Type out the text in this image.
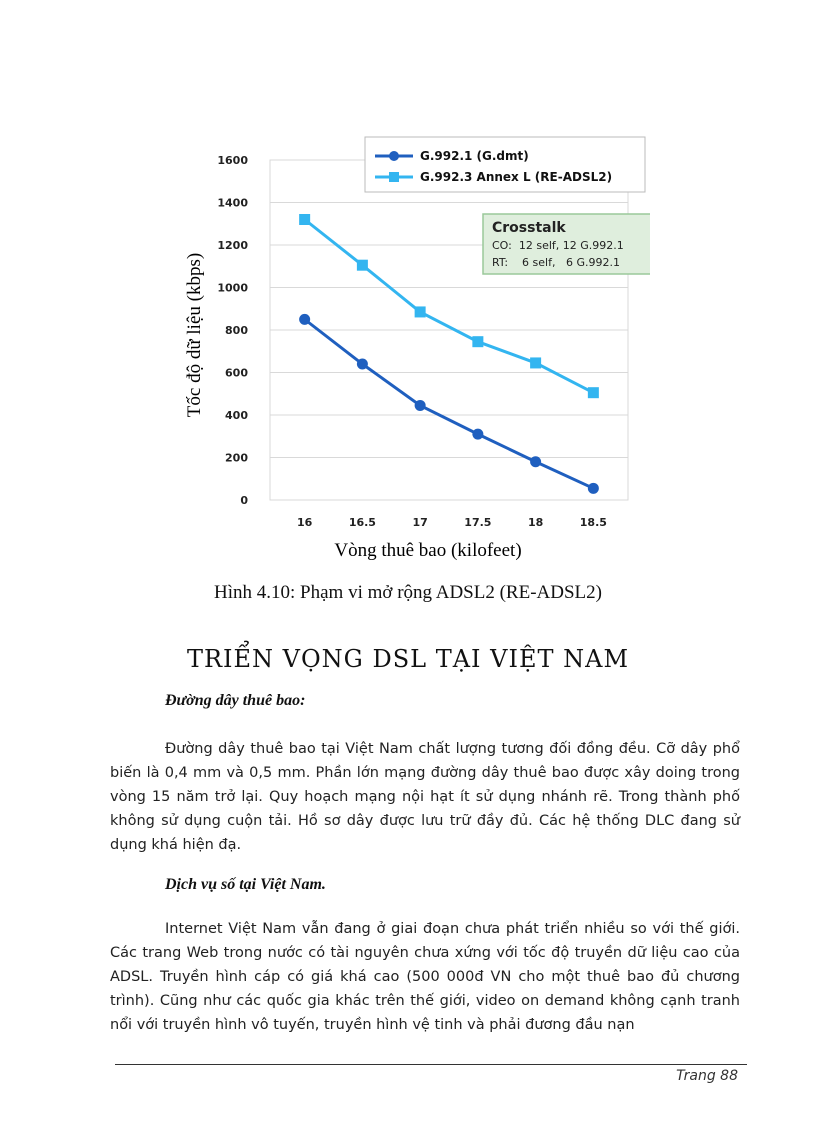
0
200
400
600
800
1000
1200
1400
1600
16	16.5	17	17.5	18	18.5
Tốc độ dữ liệu (kbps)
Vòng thuê bao (kilofeet)
G.992.1 (G.dmt)
G.992.3 Annex L (RE-ADSL2)
Crosstalk
CO:  12 self, 12 G.992.1
RT:    6 self,   6 G.992.1
Hình 4.10: Phạm vi mở rộng ADSL2 (RE-ADSL2)
TRIỂN VỌNG DSL TẠI VIỆT NAM
Đường dây thuê bao:

Đường dây thuê bao tại Việt Nam chất lượng tương đối đồng đều. Cỡ dây phổ biến là 0,4 mm và 0,5 mm. Phần lớn mạng đường dây thuê bao được xây doing trong vòng 15 năm trở lại. Quy hoạch mạng nội hạt ít sử dụng nhánh rẽ. Trong thành phố không sử dụng cuộn tải. Hồ sơ dây được lưu trữ đầy đủ. Các hệ thống DLC đang sử dụng khá hiện đạ.

Dịch vụ số tại Việt Nam.

Internet Việt Nam vẫn đang ở giai đoạn chưa phát triển nhiều so với thế giới. Các trang Web trong nước có tài nguyên chưa xứng với tốc độ truyền dữ liệu cao của ADSL. Truyền hình cáp có giá khá cao (500 000đ VN cho một thuê bao đủ chương trình). Cũng như các quốc gia khác trên thế giới, video on demand không cạnh tranh nổi với truyền hình vô tuyến, truyền hình vệ tinh và phải đương đầu nạn

Trang 88
